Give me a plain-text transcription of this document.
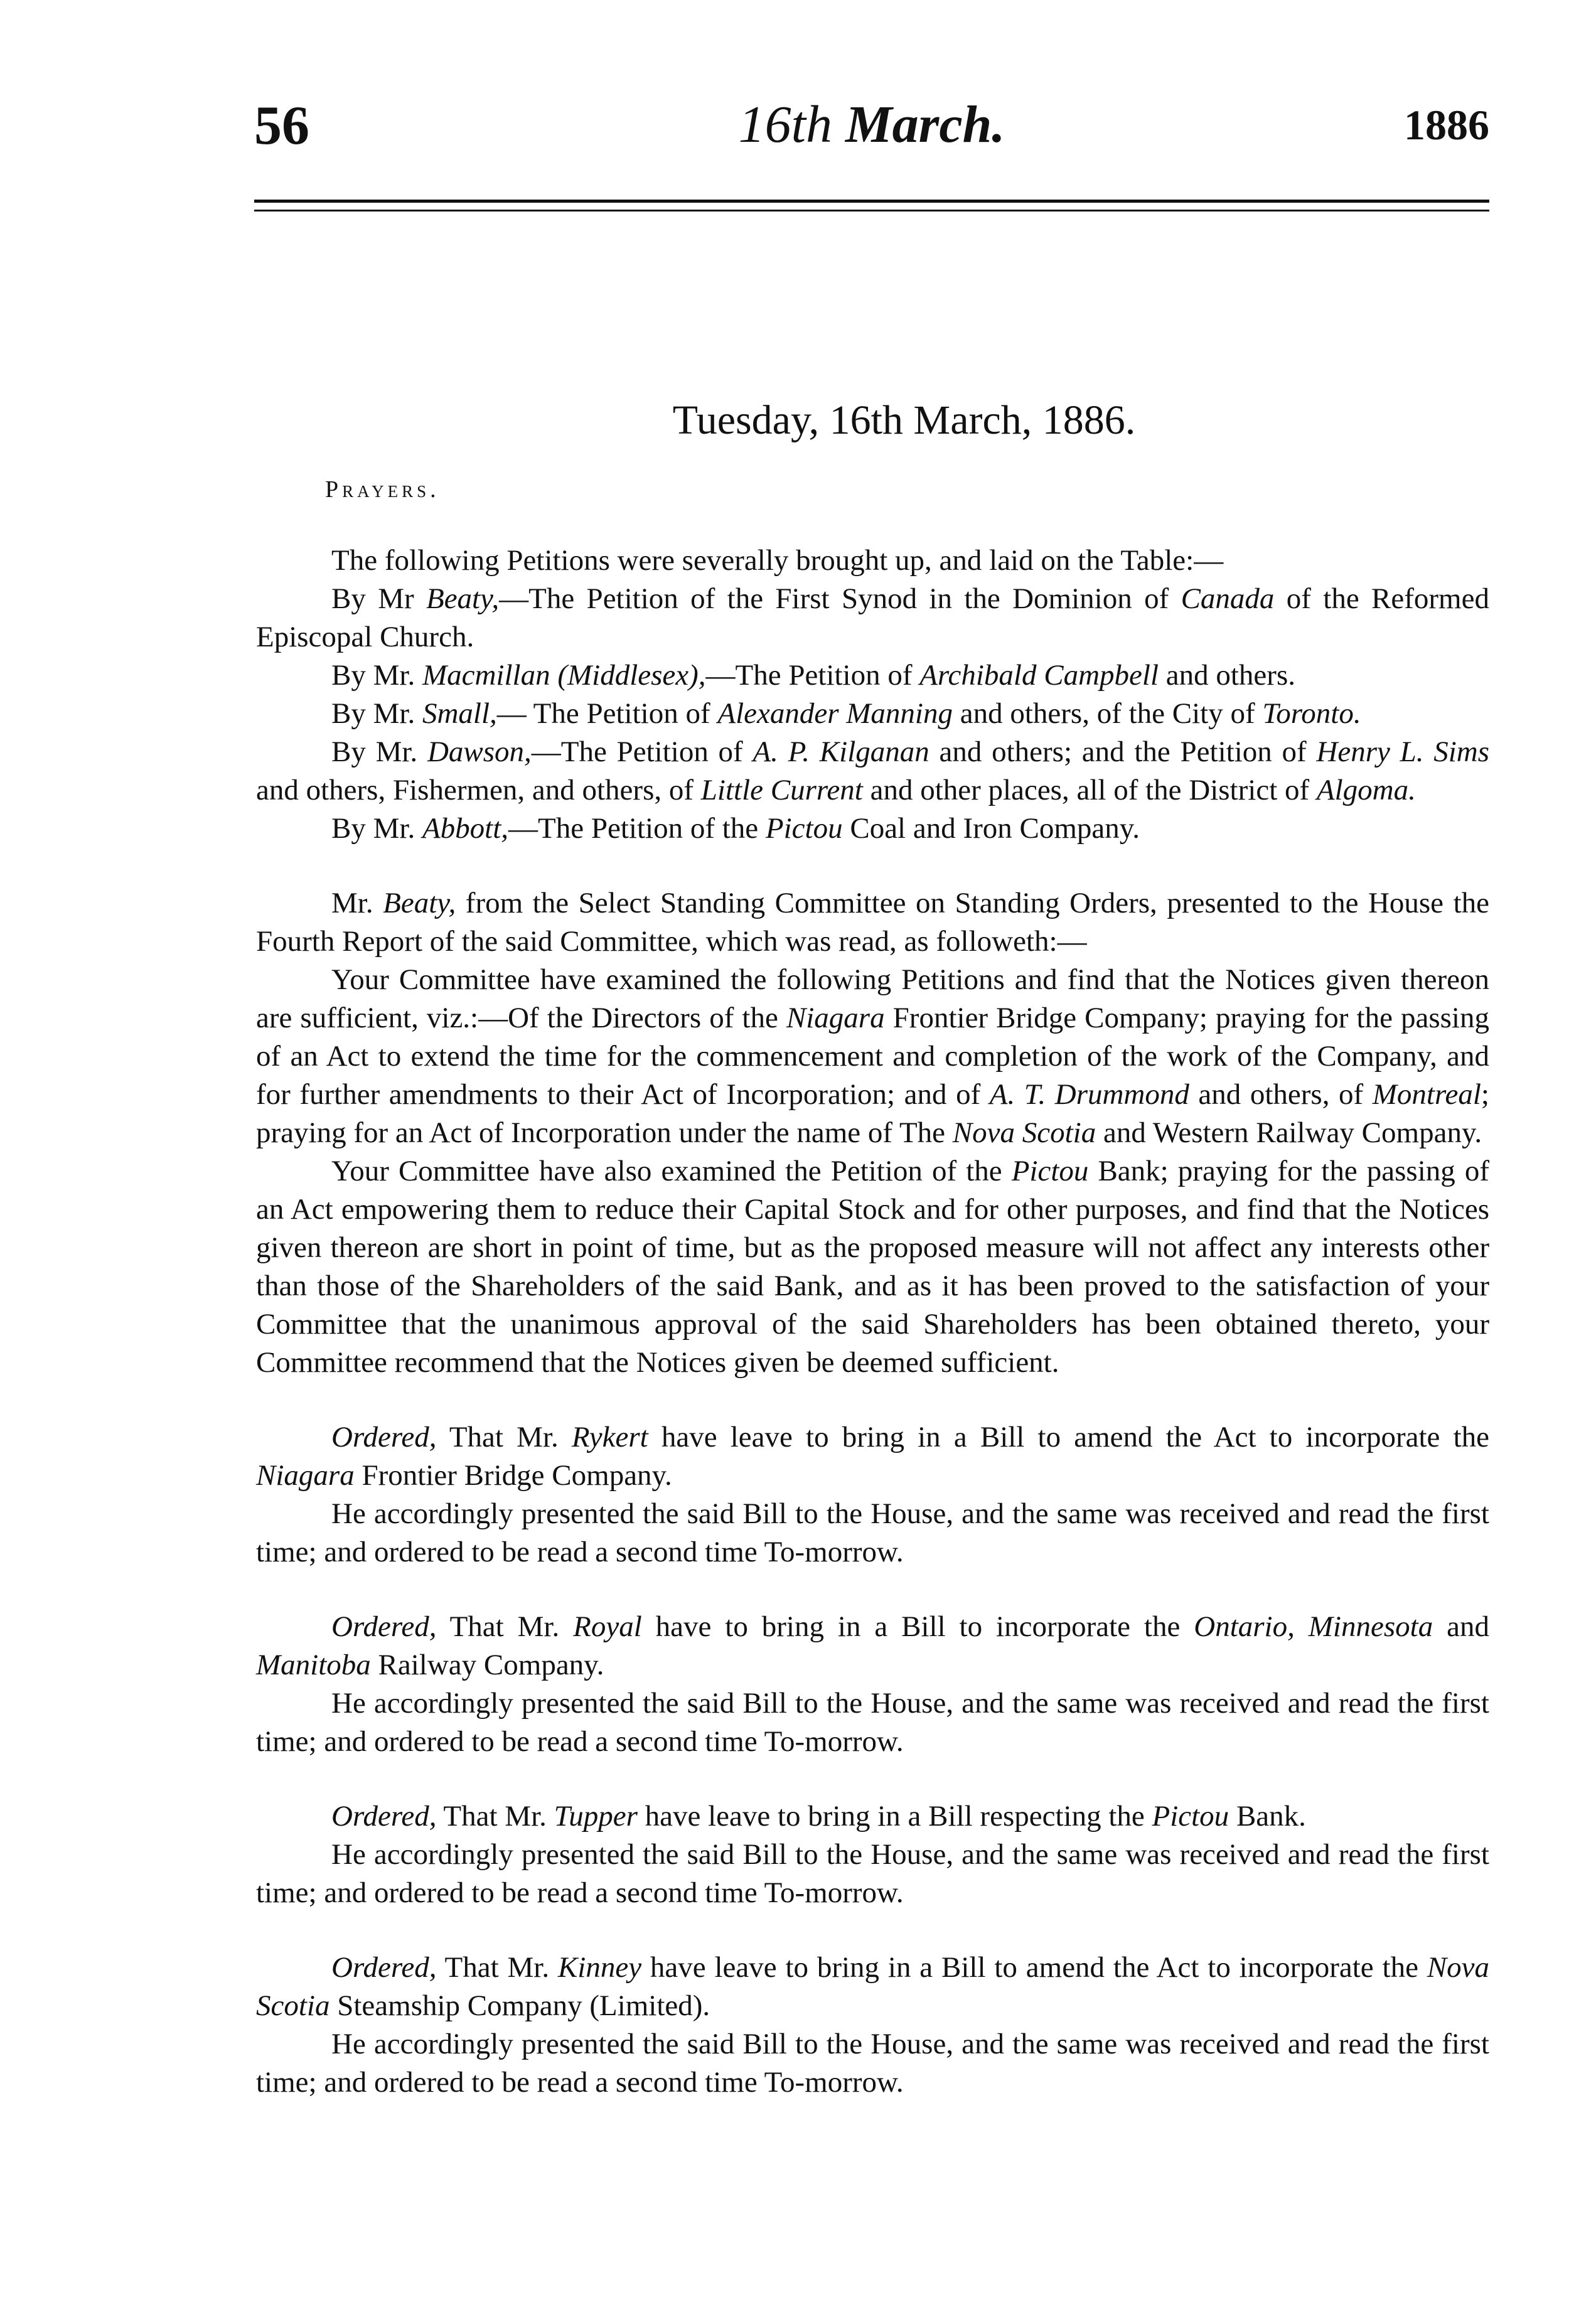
56	16th March.	1886
Tuesday, 16th March, 1886.
Prayers.

The following Petitions were severally brought up, and laid on the Table:—

By Mr Beaty,—The Petition of the First Synod in the Dominion of Canada of the Reformed Episcopal Church.

By Mr. Macmillan (Middlesex),—The Petition of Archibald Campbell and others.

By Mr. Small,— The Petition of Alexander Manning and others, of the City of Toronto.

By Mr. Dawson,—The Petition of A. P. Kilganan and others; and the Petition of Henry L. Sims and others, Fishermen, and others, of Little Current and other places, all of the District of Algoma.

By Mr. Abbott,—The Petition of the Pictou Coal and Iron Company.

Mr. Beaty, from the Select Standing Committee on Standing Orders, presented to the House the Fourth Report of the said Committee, which was read, as followeth:—

Your Committee have examined the following Petitions and find that the Notices given thereon are sufficient, viz.:—Of the Directors of the Niagara Frontier Bridge Company; praying for the passing of an Act to extend the time for the commencement and completion of the work of the Company, and for further amendments to their Act of Incorporation; and of A. T. Drummond and others, of Montreal; praying for an Act of Incorporation under the name of The Nova Scotia and Western Railway Company.

Your Committee have also examined the Petition of the Pictou Bank; praying for the passing of an Act empowering them to reduce their Capital Stock and for other purposes, and find that the Notices given thereon are short in point of time, but as the proposed measure will not affect any interests other than those of the Shareholders of the said Bank, and as it has been proved to the satisfaction of your Committee that the unanimous approval of the said Shareholders has been obtained thereto, your Committee recommend that the Notices given be deemed sufficient.

Ordered, That Mr. Rykert have leave to bring in a Bill to amend the Act to incorporate the Niagara Frontier Bridge Company.

He accordingly presented the said Bill to the House, and the same was received and read the first time; and ordered to be read a second time To-morrow.

Ordered, That Mr. Royal have to bring in a Bill to incorporate the Ontario, Minnesota and Manitoba Railway Company.

He accordingly presented the said Bill to the House, and the same was received and read the first time; and ordered to be read a second time To-morrow.

Ordered, That Mr. Tupper have leave to bring in a Bill respecting the Pictou Bank.

He accordingly presented the said Bill to the House, and the same was received and read the first time; and ordered to be read a second time To-morrow.

Ordered, That Mr. Kinney have leave to bring in a Bill to amend the Act to incorporate the Nova Scotia Steamship Company (Limited).

He accordingly presented the said Bill to the House, and the same was received and read the first time; and ordered to be read a second time To-morrow.
